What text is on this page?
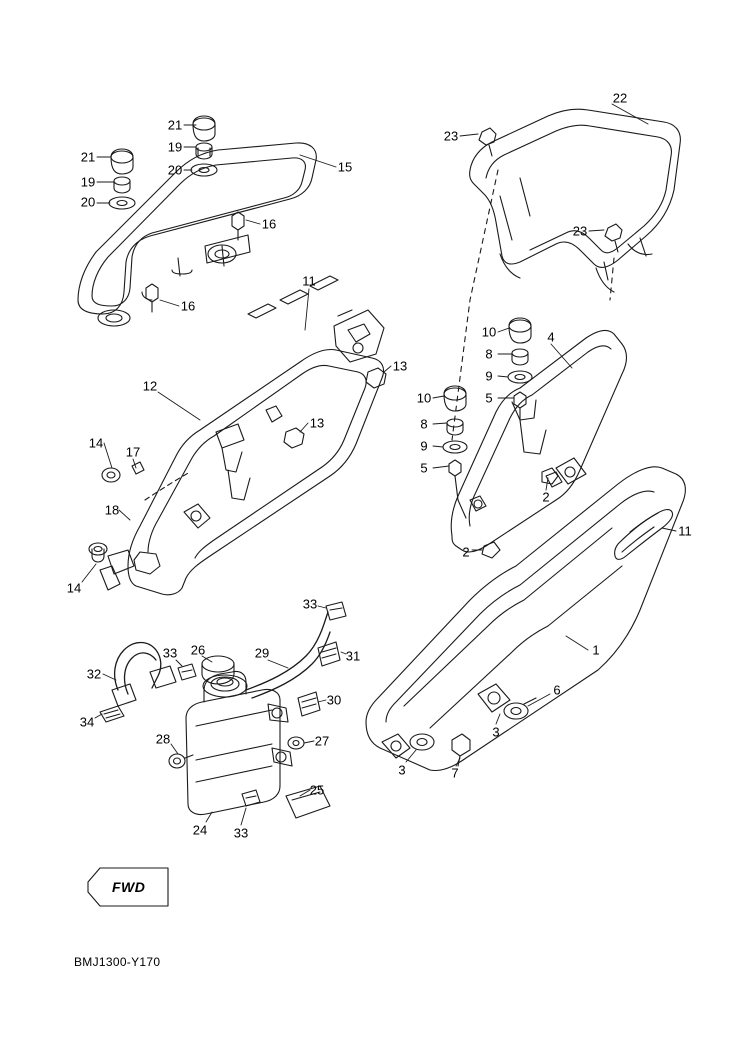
21
19
20
21
19
20
15
16
16
11
13
13
12
14
17
18
14
22
23
23
4
10
8
9
5
10
8
9
5
2
2
11
1
6
3
3	7
33
31
29
26
33
32
34
30
27
28
25
24 33
FWD
BMJ1300-Y170
